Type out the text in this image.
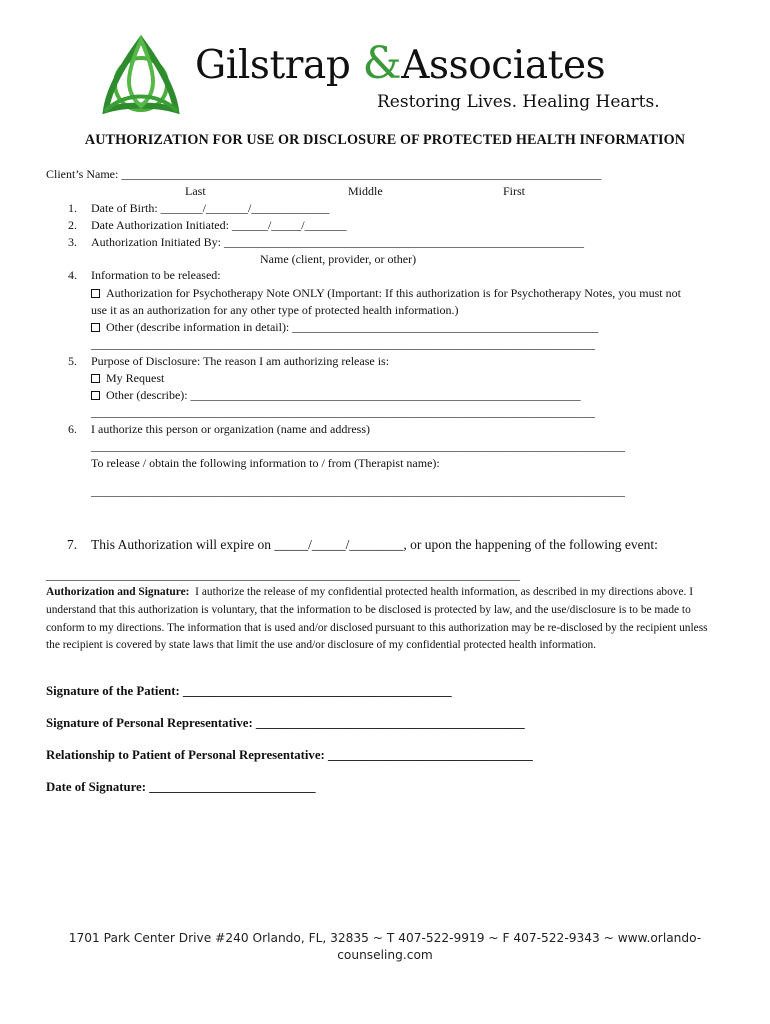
Gilstrap &Associates
Restoring Lives. Healing Hearts.
AUTHORIZATION FOR USE OR DISCLOSURE OF PROTECTED HEALTH INFORMATION
Client’s Name: ________________________________________________________________________________
Last	Middle	First
1. Date of Birth: _______/_______/_____________
2. Date Authorization Initiated: ______/_____/_______
3. Authorization Initiated By: ____________________________________________________________
Name (client, provider, or other)
4. Information to be released:
Authorization for Psychotherapy Note ONLY (Important: If this authorization is for Psychotherapy Notes, you must not
use it as an authorization for any other type of protected health information.)
Other (describe information in detail): ___________________________________________________
____________________________________________________________________________________
5. Purpose of Disclosure: The reason I am authorizing release is:
My Request
Other (describe): _________________________________________________________________
____________________________________________________________________________________
6. I authorize this person or organization (name and address)
_________________________________________________________________________________________
To release / obtain the following information to / from (Therapist name):
_________________________________________________________________________________________
7. This Authorization will expire on _____/_____/________, or upon the happening of the following event:
_______________________________________________________________________________
Authorization and Signature: I authorize the release of my confidential protected health information, as described in my directions above. I understand that this authorization is voluntary, that the information to be disclosed is protected by law, and the use/disclosure is to be made to conform to my directions. The information that is used and/or disclosed pursuant to this authorization may be re-disclosed by the recipient unless the recipient is covered by state laws that limit the use and/or disclosure of my confidential protected health information.
Signature of the Patient: __________________________________________
Signature of Personal Representative: __________________________________________
Relationship to Patient of Personal Representative: ________________________________
Date of Signature: __________________________
1701 Park Center Drive #240 Orlando, FL, 32835 ~ T 407-522-9919 ~ F 407-522-9343 ~ www.orlando-
counseling.com
